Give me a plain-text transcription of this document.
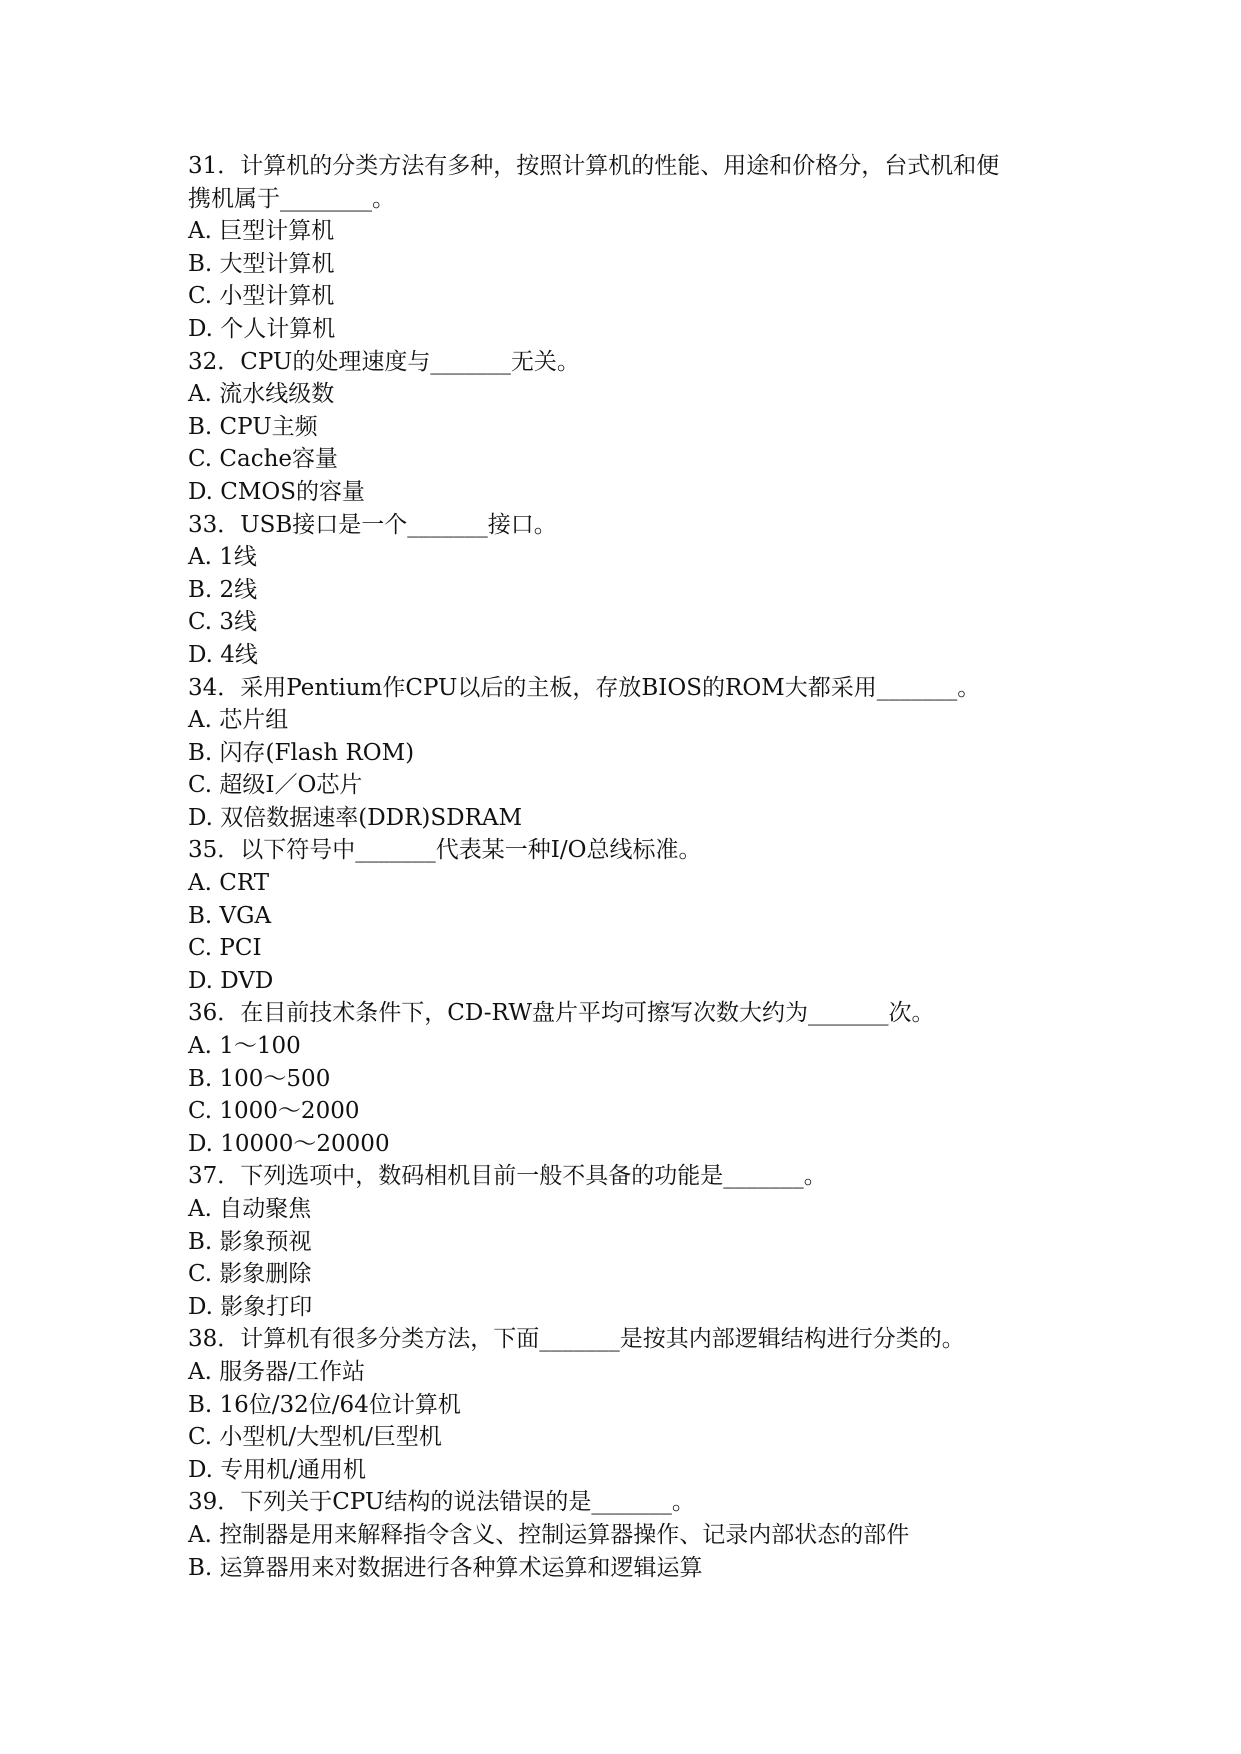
31．计算机的分类方法有多种，按照计算机的性能、用途和价格分，台式机和便
携机属于________。
A. 巨型计算机
B. 大型计算机
C. 小型计算机
D. 个人计算机
32．CPU的处理速度与_______无关。
A. 流水线级数
B. CPU主频
C. Cache容量
D. CMOS的容量
33．USB接口是一个_______接口。
A. 1线
B. 2线
C. 3线
D. 4线
34．采用Pentium作CPU以后的主板，存放BIOS的ROM大都采用_______。
A. 芯片组
B. 闪存(Flash ROM)
C. 超级I／O芯片
D. 双倍数据速率(DDR)SDRAM
35．以下符号中_______代表某一种I/O总线标准。
A. CRT
B. VGA
C. PCI
D. DVD
36．在目前技术条件下，CD-RW盘片平均可擦写次数大约为_______次。
A. 1～100
B. 100～500
C. 1000～2000
D. 10000～20000
37．下列选项中，数码相机目前一般不具备的功能是_______。
A. 自动聚焦
B. 影象预视
C. 影象删除
D. 影象打印
38．计算机有很多分类方法，下面_______是按其内部逻辑结构进行分类的。
A. 服务器/工作站
B. 16位/32位/64位计算机
C. 小型机/大型机/巨型机
D. 专用机/通用机
39．下列关于CPU结构的说法错误的是_______。
A. 控制器是用来解释指令含义、控制运算器操作、记录内部状态的部件
B. 运算器用来对数据进行各种算术运算和逻辑运算
